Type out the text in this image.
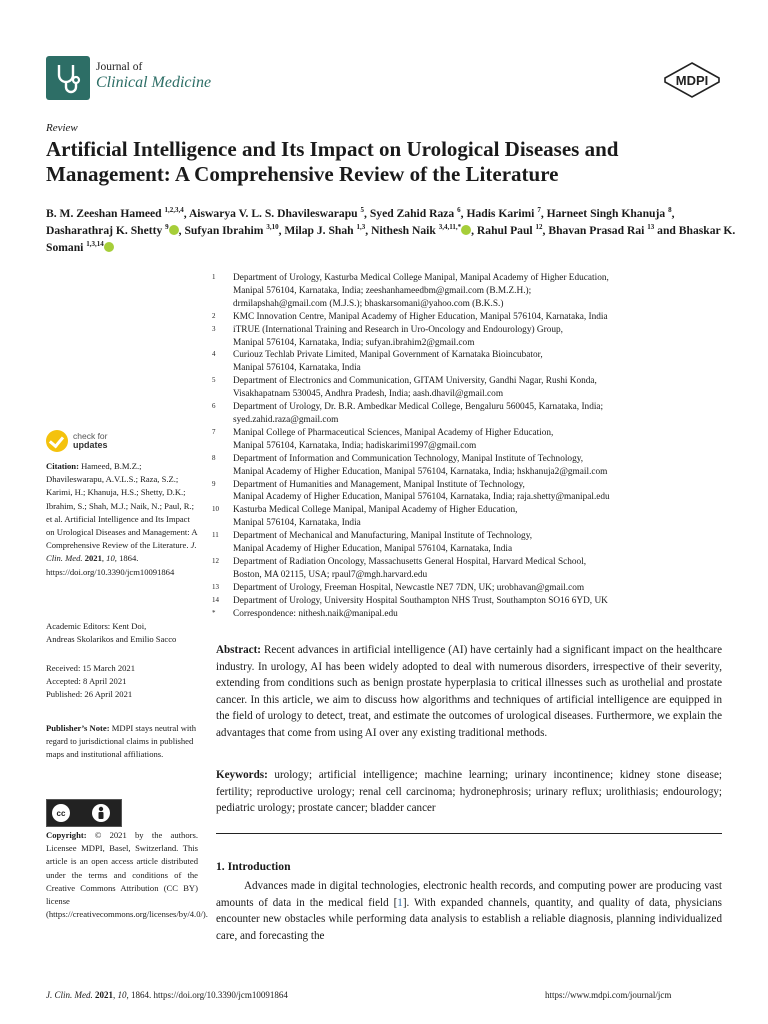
Journal of
Clinical Medicine	MDPI
Review
Artificial Intelligence and Its Impact on Urological Diseases and Management: A Comprehensive Review of the Literature
B. M. Zeeshan Hameed $^{1,2,3,4}$, Aiswarya V. L. S. Dhavileswarapu $^5$, Syed Zahid Raza $^6$, Hadis Karimi $^7$, Harneet Singh Khanuja $^8$, Dasharathraj K. Shetty $^9$ , Sufyan Ibrahim $^{3,10}$, Milap J. Shah $^{1,3}$, Nithesh Naik $^{3,4,11,*}$ , Rahul Paul $^{12}$, Bhavan Prasad Rai $^{13}$ and Bhaskar K. Somani $^{1,3,14}$
1	Department of Urology, Kasturba Medical College Manipal, Manipal Academy of Higher Education,
Manipal 576104, Karnataka, India; zeeshanhameedbm@gmail.com (B.M.Z.H.);
drmilapshah@gmail.com (M.J.S.); bhaskarsomani@yahoo.com (B.K.S.)
2	KMC Innovation Centre, Manipal Academy of Higher Education, Manipal 576104, Karnataka, India
3	iTRUE (International Training and Research in Uro-Oncology and Endourology) Group,
Manipal 576104, Karnataka, India; sufyan.ibrahim2@gmail.com
4	Curiouz Techlab Private Limited, Manipal Government of Karnataka Bioincubator,
Manipal 576104, Karnataka, India
5	Department of Electronics and Communication, GITAM University, Gandhi Nagar, Rushi Konda,
Visakhapatnam 530045, Andhra Pradesh, India; aash.dhavil@gmail.com
6	Department of Urology, Dr. B.R. Ambedkar Medical College, Bengaluru 560045, Karnataka, India;
syed.zahid.raza@gmail.com
7	Manipal College of Pharmaceutical Sciences, Manipal Academy of Higher Education,
Manipal 576104, Karnataka, India; hadiskarimi1997@gmail.com
8	Department of Information and Communication Technology, Manipal Institute of Technology,
Manipal Academy of Higher Education, Manipal 576104, Karnataka, India; hskhanuja2@gmail.com
9	Department of Humanities and Management, Manipal Institute of Technology,
Manipal Academy of Higher Education, Manipal 576104, Karnataka, India; raja.shetty@manipal.edu
10	Kasturba Medical College Manipal, Manipal Academy of Higher Education,
Manipal 576104, Karnataka, India
11	Department of Mechanical and Manufacturing, Manipal Institute of Technology,
Manipal Academy of Higher Education, Manipal 576104, Karnataka, India
12	Department of Radiation Oncology, Massachusetts General Hospital, Harvard Medical School,
Boston, MA 02115, USA; rpaul7@mgh.harvard.edu
13	Department of Urology, Freeman Hospital, Newcastle NE7 7DN, UK; urobhavan@gmail.com
14	Department of Urology, University Hospital Southampton NHS Trust, Southampton SO16 6YD, UK
*	Correspondence: nithesh.naik@manipal.edu
check for
updates
Citation: Hameed, B.M.Z.; Dhavileswarapu, A.V.L.S.; Raza, S.Z.; Karimi, H.; Khanuja, H.S.; Shetty, D.K.; Ibrahim, S.; Shah, M.J.; Naik, N.; Paul, R.; et al. Artificial Intelligence and Its Impact on Urological Diseases and Management: A Comprehensive Review of the Literature. J. Clin. Med. 2021, 10, 1864. https://doi.org/10.3390/jcm10091864
Academic Editors: Kent Doi,
Andreas Skolarikos and Emilio Sacco
Received: 15 March 2021
Accepted: 8 April 2021
Published: 26 April 2021
Publisher’s Note: MDPI stays neutral with regard to jurisdictional claims in published maps and institutional affiliations.
cc
Copyright: © 2021 by the authors. Licensee MDPI, Basel, Switzerland. This article is an open access article distributed under the terms and conditions of the Creative Commons Attribution (CC BY) license (https://creativecommons.org/licenses/by/4.0/).
Abstract: Recent advances in artificial intelligence (AI) have certainly had a significant impact on the healthcare industry. In urology, AI has been widely adopted to deal with numerous disorders, irrespective of their severity, extending from conditions such as benign prostate hyperplasia to critical illnesses such as urothelial and prostate cancer. In this article, we aim to discuss how algorithms and techniques of artificial intelligence are equipped in the field of urology to detect, treat, and estimate the outcomes of urological diseases. Furthermore, we explain the advantages that come from using AI over any existing traditional methods.
Keywords: urology; artificial intelligence; machine learning; urinary incontinence; kidney stone disease; fertility; reproductive urology; renal cell carcinoma; hydronephrosis; urinary reflux; urolithiasis; endourology; pediatric urology; prostate cancer; bladder cancer
1. Introduction
Advances made in digital technologies, electronic health records, and computing power are producing vast amounts of data in the medical field [1]. With expanded channels, quantity, and quality of data, physicians encounter new obstacles while performing data analysis to establish a reliable diagnosis, planning individualized care, and forecasting the
J. Clin. Med. 2021, 10, 1864. https://doi.org/10.3390/jcm10091864	https://www.mdpi.com/journal/jcm
